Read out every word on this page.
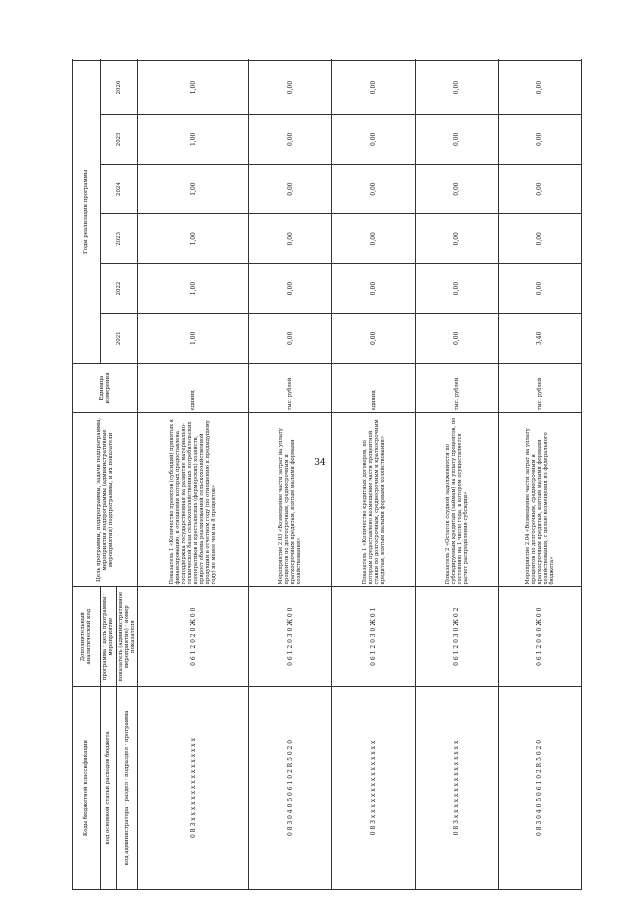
34
Коды бюджетной классификации	Дополнительный аналитический код	Цель программы, подпрограммы, задачи подпрограммы, мероприятия подпрограммы (административные мероприятия) подпрограммы, и их показатели	Единица измерения	Годы реализации программы	
код основной статьи расходов бюджета	программа · цель программы · мероприятие			2021	2022	2023	2024	2025	2026	
код администратора · раздел · подраздел · программа	показатель (административное мероприятие) · номер показателя									
0 8 3 x x x x x x x x x x x x x x x x	0 6 1 2 0 2 0 Ж 0 0	Показатель 1 «Количество проектов (субсидий) принятых к финансированию, в отношении которых предоставлена господдержка государственная на развитие материально-технической базы сельскохозяйственных потребительских кооперативов и крестьянских (фермерских) хозяйств, прирост объема реализованной сельскохозяйственной продукции в отчетном году (по отношению к предыдущему году) не менее чем на 8 процентов»	единиц	1,00	1,00	1,00	1,00	1,00	1,00	
0 8 3 0 4 0 5 0 6 1 0 2 R 5 0 2 0	0 6 1 2 0 3 0 Ж 0 0	Мероприятие 2.03 «Возмещение части затрат на уплату процентов по долгосрочным, среднесрочным и краткосрочным кредитам, взятым малыми формами хозяйствования»	тыс. рублей	0,00	0,00	0,00	0,00	0,00	0,00	
0 8 3 x x x x x x x x x x x x x x x	0 6 1 2 0 3 0 Ж 0 1	Показатель 1 «Количество кредитных договоров, по которым предоставлено возмещение части процентной ставки по долгосрочным, среднесрочным и краткосрочным кредитам, взятым малыми формами хозяйствования»	единиц	0,00	0,00	0,00	0,00	0,00	0,00	
0 8 3 x x x x x x x x x x x x x x x	0 6 1 2 0 3 0 Ж 0 2	Показатель 2 «Остаток ссудной задолженности по субсидируемым кредитам (займам) на уплату процентов, по состоянию на 1 число года, в котором осуществляется расчет распределения субсидии»	тыс. рублей	0,00	0,00	0,00	0,00	0,00	0,00	
0 8 3 0 4 0 5 0 6 1 0 2 R 5 0 2 0	0 6 1 2 0 4 0 Ж 0 0	Мероприятие 2.04 «Возмещение части затрат на уплату процентов по долгосрочным, среднесрочным и краткосрочным кредитам, взятым малыми формами хозяйствования, с целью возмещения из федерального бюджета»	тыс. рублей	3,40	0,00	0,00	0,00	0,00	0,00	
